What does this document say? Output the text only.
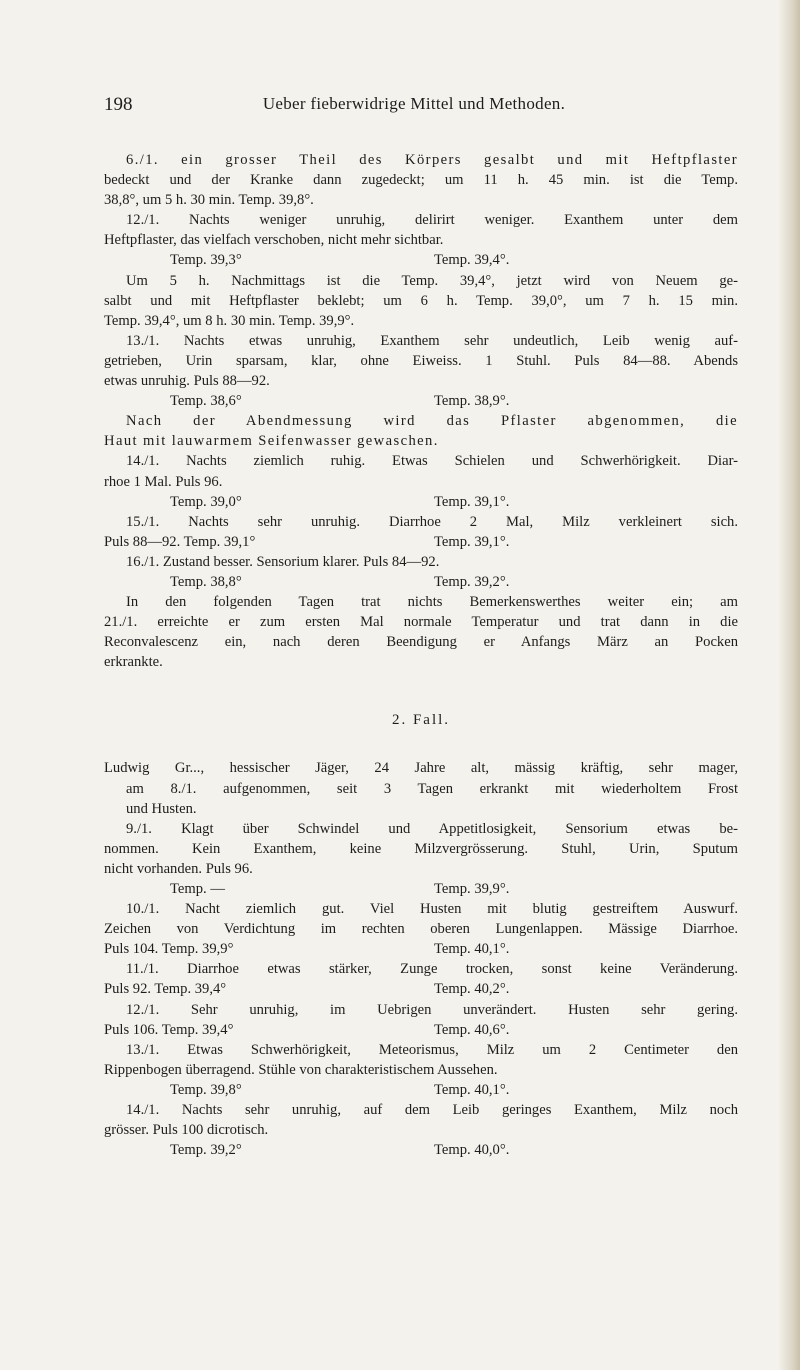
198	Ueber fieberwidrige Mittel und Methoden.
6./1. ein grosser Theil des Körpers gesalbt und mit Heftpflaster
bedeckt und der Kranke dann zugedeckt; um 11 h. 45 min. ist die Temp.
38,8°, um 5 h. 30 min. Temp. 39,8°.
12./1. Nachts weniger unruhig, delirirt weniger. Exanthem unter dem
Heftpflaster, das vielfach verschoben, nicht mehr sichtbar.
Temp. 39,3°	Temp. 39,4°.
Um 5 h. Nachmittags ist die Temp. 39,4°, jetzt wird von Neuem ge-
salbt und mit Heftpflaster beklebt; um 6 h. Temp. 39,0°, um 7 h. 15 min.
Temp. 39,4°, um 8 h. 30 min. Temp. 39,9°.
13./1. Nachts etwas unruhig, Exanthem sehr undeutlich, Leib wenig auf-
getrieben, Urin sparsam, klar, ohne Eiweiss. 1 Stuhl. Puls 84—88. Abends
etwas unruhig. Puls 88—92.
Temp. 38,6°	Temp. 38,9°.
Nach der Abendmessung wird das Pflaster abgenommen, die
Haut mit lauwarmem Seifenwasser gewaschen.
14./1. Nachts ziemlich ruhig. Etwas Schielen und Schwerhörigkeit. Diar-
rhoe 1 Mal. Puls 96.
Temp. 39,0°	Temp. 39,1°.
15./1. Nachts sehr unruhig. Diarrhoe 2 Mal, Milz verkleinert sich.
Puls 88—92. Temp. 39,1°	Temp. 39,1°.
16./1. Zustand besser. Sensorium klarer. Puls 84—92.
Temp. 38,8°	Temp. 39,2°.
In den folgenden Tagen trat nichts Bemerkenswerthes weiter ein; am
21./1. erreichte er zum ersten Mal normale Temperatur und trat dann in die
Reconvalescenz ein, nach deren Beendigung er Anfangs März an Pocken
erkrankte.
2. Fall.
Ludwig Gr..., hessischer Jäger, 24 Jahre alt, mässig kräftig, sehr mager,
am 8./1. aufgenommen, seit 3 Tagen erkrankt mit wiederholtem Frost
und Husten.
9./1. Klagt über Schwindel und Appetitlosigkeit, Sensorium etwas be-
nommen. Kein Exanthem, keine Milzvergrösserung. Stuhl, Urin, Sputum
nicht vorhanden. Puls 96.
Temp. —	Temp. 39,9°.
10./1. Nacht ziemlich gut. Viel Husten mit blutig gestreiftem Auswurf.
Zeichen von Verdichtung im rechten oberen Lungenlappen. Mässige Diarrhoe.
Puls 104. Temp. 39,9°	Temp. 40,1°.
11./1. Diarrhoe etwas stärker, Zunge trocken, sonst keine Veränderung.
Puls 92. Temp. 39,4°	Temp. 40,2°.
12./1. Sehr unruhig, im Uebrigen unverändert. Husten sehr gering.
Puls 106. Temp. 39,4°	Temp. 40,6°.
13./1. Etwas Schwerhörigkeit, Meteorismus, Milz um 2 Centimeter den
Rippenbogen überragend. Stühle von charakteristischem Aussehen.
Temp. 39,8°	Temp. 40,1°.
14./1. Nachts sehr unruhig, auf dem Leib geringes Exanthem, Milz noch
grösser. Puls 100 dicrotisch.
Temp. 39,2°	Temp. 40,0°.
